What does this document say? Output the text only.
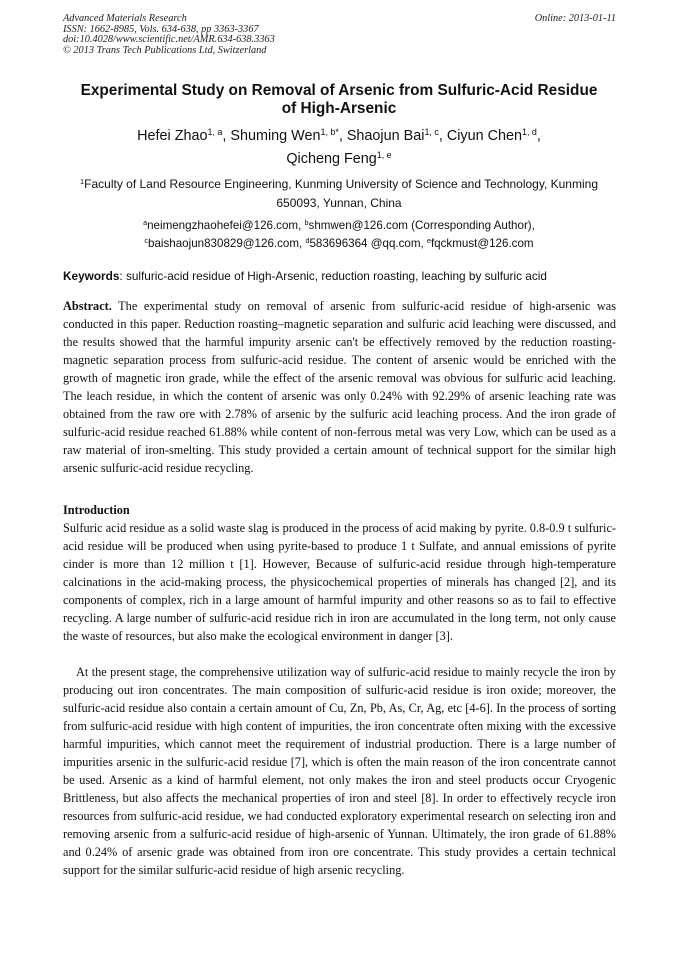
Advanced Materials Research
ISSN: 1662-8985, Vols. 634-638, pp 3363-3367
doi:10.4028/www.scientific.net/AMR.634-638.3363
© 2013 Trans Tech Publications Ltd, Switzerland
Online: 2013-01-11
Experimental Study on Removal of Arsenic from Sulfuric-Acid Residue
of High-Arsenic
Hefei Zhao$^{1, a}$, Shuming Wen$^{1, b*}$, Shaojun Bai$^{1, c}$, Ciyun Chen$^{1, d}$,
Qicheng Feng$^{1, e}$
$^1$Faculty of Land Resource Engineering, Kunming University of Science and Technology, Kunming
650093, Yunnan, China
$^a$neimengzhaohefei@126.com, $^b$shmwen@126.com (Corresponding Author),
$^c$baishaojun830829@126.com, $^d$583696364 @qq.com, $^e$fqckmust@126.com
Keywords: sulfuric-acid residue of High-Arsenic, reduction roasting, leaching by sulfuric acid
Abstract. The experimental study on removal of arsenic from sulfuric-acid residue of high-arsenic was conducted in this paper. Reduction roasting–magnetic separation and sulfuric acid leaching were discussed, and the results showed that the harmful impurity arsenic can't be effectively removed by the reduction roasting-magnetic separation process from sulfuric-acid residue. The content of arsenic would be enriched with the growth of magnetic iron grade, while the effect of the arsenic removal was obvious for sulfuric acid leaching. The leach residue, in which the content of arsenic was only 0.24% with 92.29% of arsenic leaching rate was obtained from the raw ore with 2.78% of arsenic by the sulfuric acid leaching process. And the iron grade of sulfuric-acid residue reached 61.88% while content of non-ferrous metal was very Low, which can be used as a raw material of iron-smelting. This study provided a certain amount of technical support for the similar high arsenic sulfuric-acid residue recycling.
Introduction
Sulfuric acid residue as a solid waste slag is produced in the process of acid making by pyrite. 0.8-0.9 t sulfuric-acid residue will be produced when using pyrite-based to produce 1 t Sulfate, and annual emissions of pyrite cinder is more than 12 million t [1]. However, Because of sulfuric-acid residue through high-temperature calcinations in the acid-making process, the physicochemical properties of minerals has changed [2], and its components of complex, rich in a large amount of harmful impurity and other reasons so as to fail to effective recycling. A large number of sulfuric-acid residue rich in iron are accumulated in the long term, not only cause the waste of resources, but also make the ecological environment in danger [3].
At the present stage, the comprehensive utilization way of sulfuric-acid residue to mainly recycle the iron by producing out iron concentrates. The main composition of sulfuric-acid residue is iron oxide; moreover, the sulfuric-acid residue also contain a certain amount of Cu, Zn, Pb, As, Cr, Ag, etc [4-6]. In the process of sorting from sulfuric-acid residue with high content of impurities, the iron concentrate often mixing with the excessive harmful impurities, which cannot meet the requirement of industrial production. There is a large number of impurities arsenic in the sulfuric-acid residue [7], which is often the main reason of the iron concentrate cannot be used. Arsenic as a kind of harmful element, not only makes the iron and steel products occur Cryogenic Brittleness, but also affects the mechanical properties of iron and steel [8]. In order to effectively recycle iron resources from sulfuric-acid residue, we had conducted exploratory experimental research on selecting iron and removing arsenic from a sulfuric-acid residue of high-arsenic of Yunnan. Ultimately, the iron grade of 61.88% and 0.24% of arsenic grade was obtained from iron ore concentrate. This study provides a certain technical support for the similar sulfuric-acid residue of high arsenic recycling.
